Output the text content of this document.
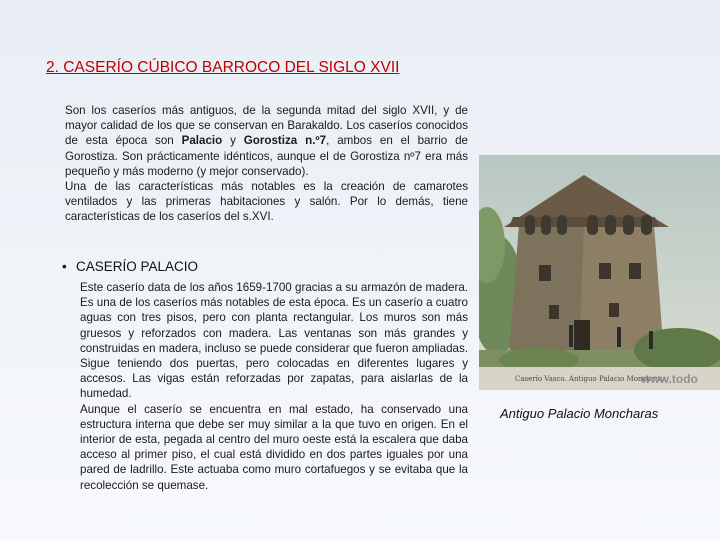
2. CASERÍO CÚBICO BARROCO DEL SIGLO XVII

Son los caseríos más antiguos, de la segunda mitad del siglo XVII, y de mayor calidad de los que se conservan en Barakaldo. Los caseríos conocidos de esta época son Palacio y Gorostiza n.º7, ambos en el barrio de Gorostiza. Son prácticamente idénticos, aunque el de Gorostiza nº7 era más pequeño y más moderno (y mejor conservado).

Una de las características más notables es la creación de camarotes ventilados y las primeras habitaciones y salón. Por lo demás, tiene características de los caseríos del s.XVI.

• CASERÍO PALACIO

Este caserío data de los años 1659-1700 gracias a su armazón de madera. Es una de los caseríos más notables de esta época. Es un caserío a cuatro aguas con tres pisos, pero con planta rectangular. Los muros son más gruesos y reforzados con madera. Las ventanas son más grandes y construidas en madera, incluso se puede considerar que fueron ampliadas. Sigue teniendo dos puertas, pero colocadas en diferentes lugares y accesos. Las vigas están reforzadas por zapatas, para aislarlas de la humedad.

Aunque el caserío se encuentra en mal estado, ha conservado una estructura interna que debe ser muy similar a la que tuvo en origen. En el interior de esta, pegada al centro del muro oeste está la escalera que daba acceso al primer piso, el cual está dividido en dos partes iguales por una pared de ladrillo. Este actuaba como muro cortafuegos y se evitaba que la recolección se quemase.

Caserío Vasco. Antiguo Palacio Moncharas
www.todo
Antiguo Palacio Moncharas
